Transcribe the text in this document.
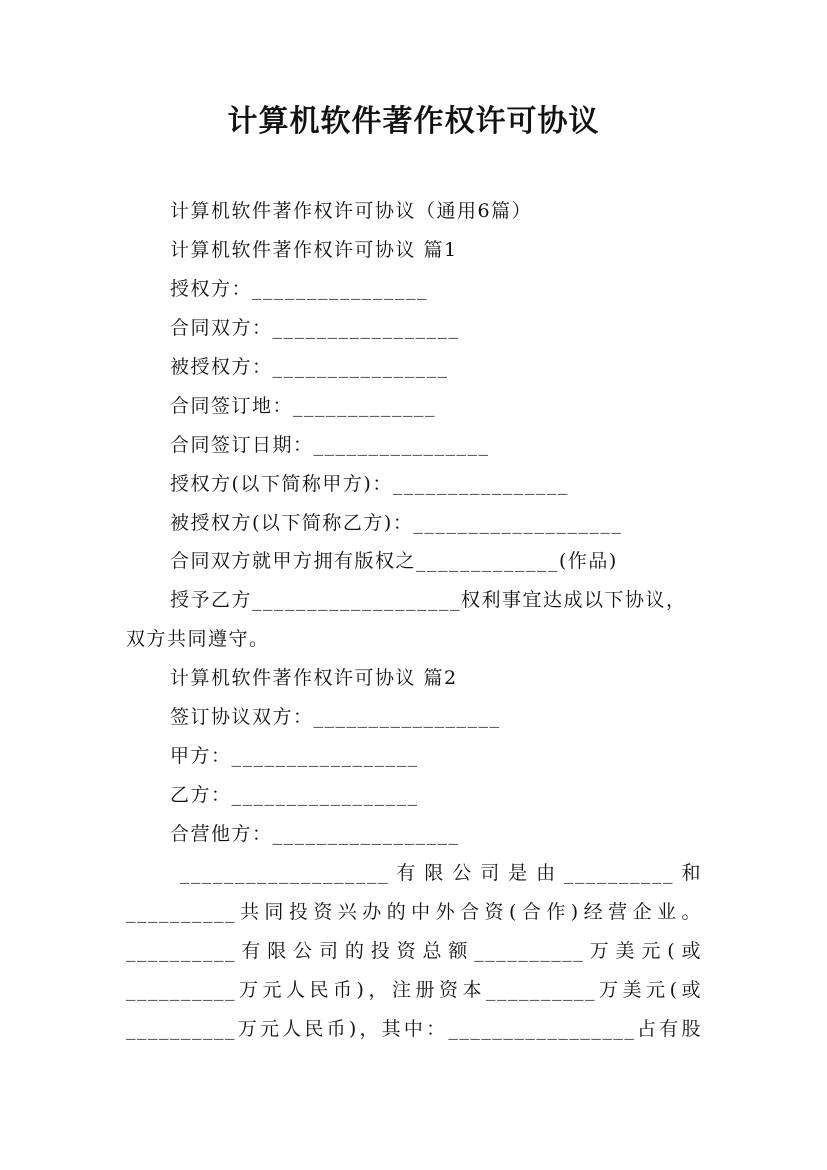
计算机软件著作权许可协议
计算机软件著作权许可协议（通用6篇）
计算机软件著作权许可协议 篇1
授权方：________________
合同双方：_________________
被授权方：________________
合同签订地：_____________
合同签订日期：________________
授权方(以下简称甲方)：________________
被授权方(以下简称乙方)：___________________
合同双方就甲方拥有版权之_____________(作品)
授予乙方___________________权利事宜达成以下协议，
双方共同遵守。
计算机软件著作权许可协议 篇2
签订协议双方：_________________
甲方：_________________
乙方：_________________
合营他方：_________________
___________________有限公司是由__________和
__________共同投资兴办的中外合资(合作)经营企业。
__________有限公司的投资总额__________万美元(或
__________万元人民币)，注册资本__________万美元(或
__________万元人民币)，其中：_________________占有股
